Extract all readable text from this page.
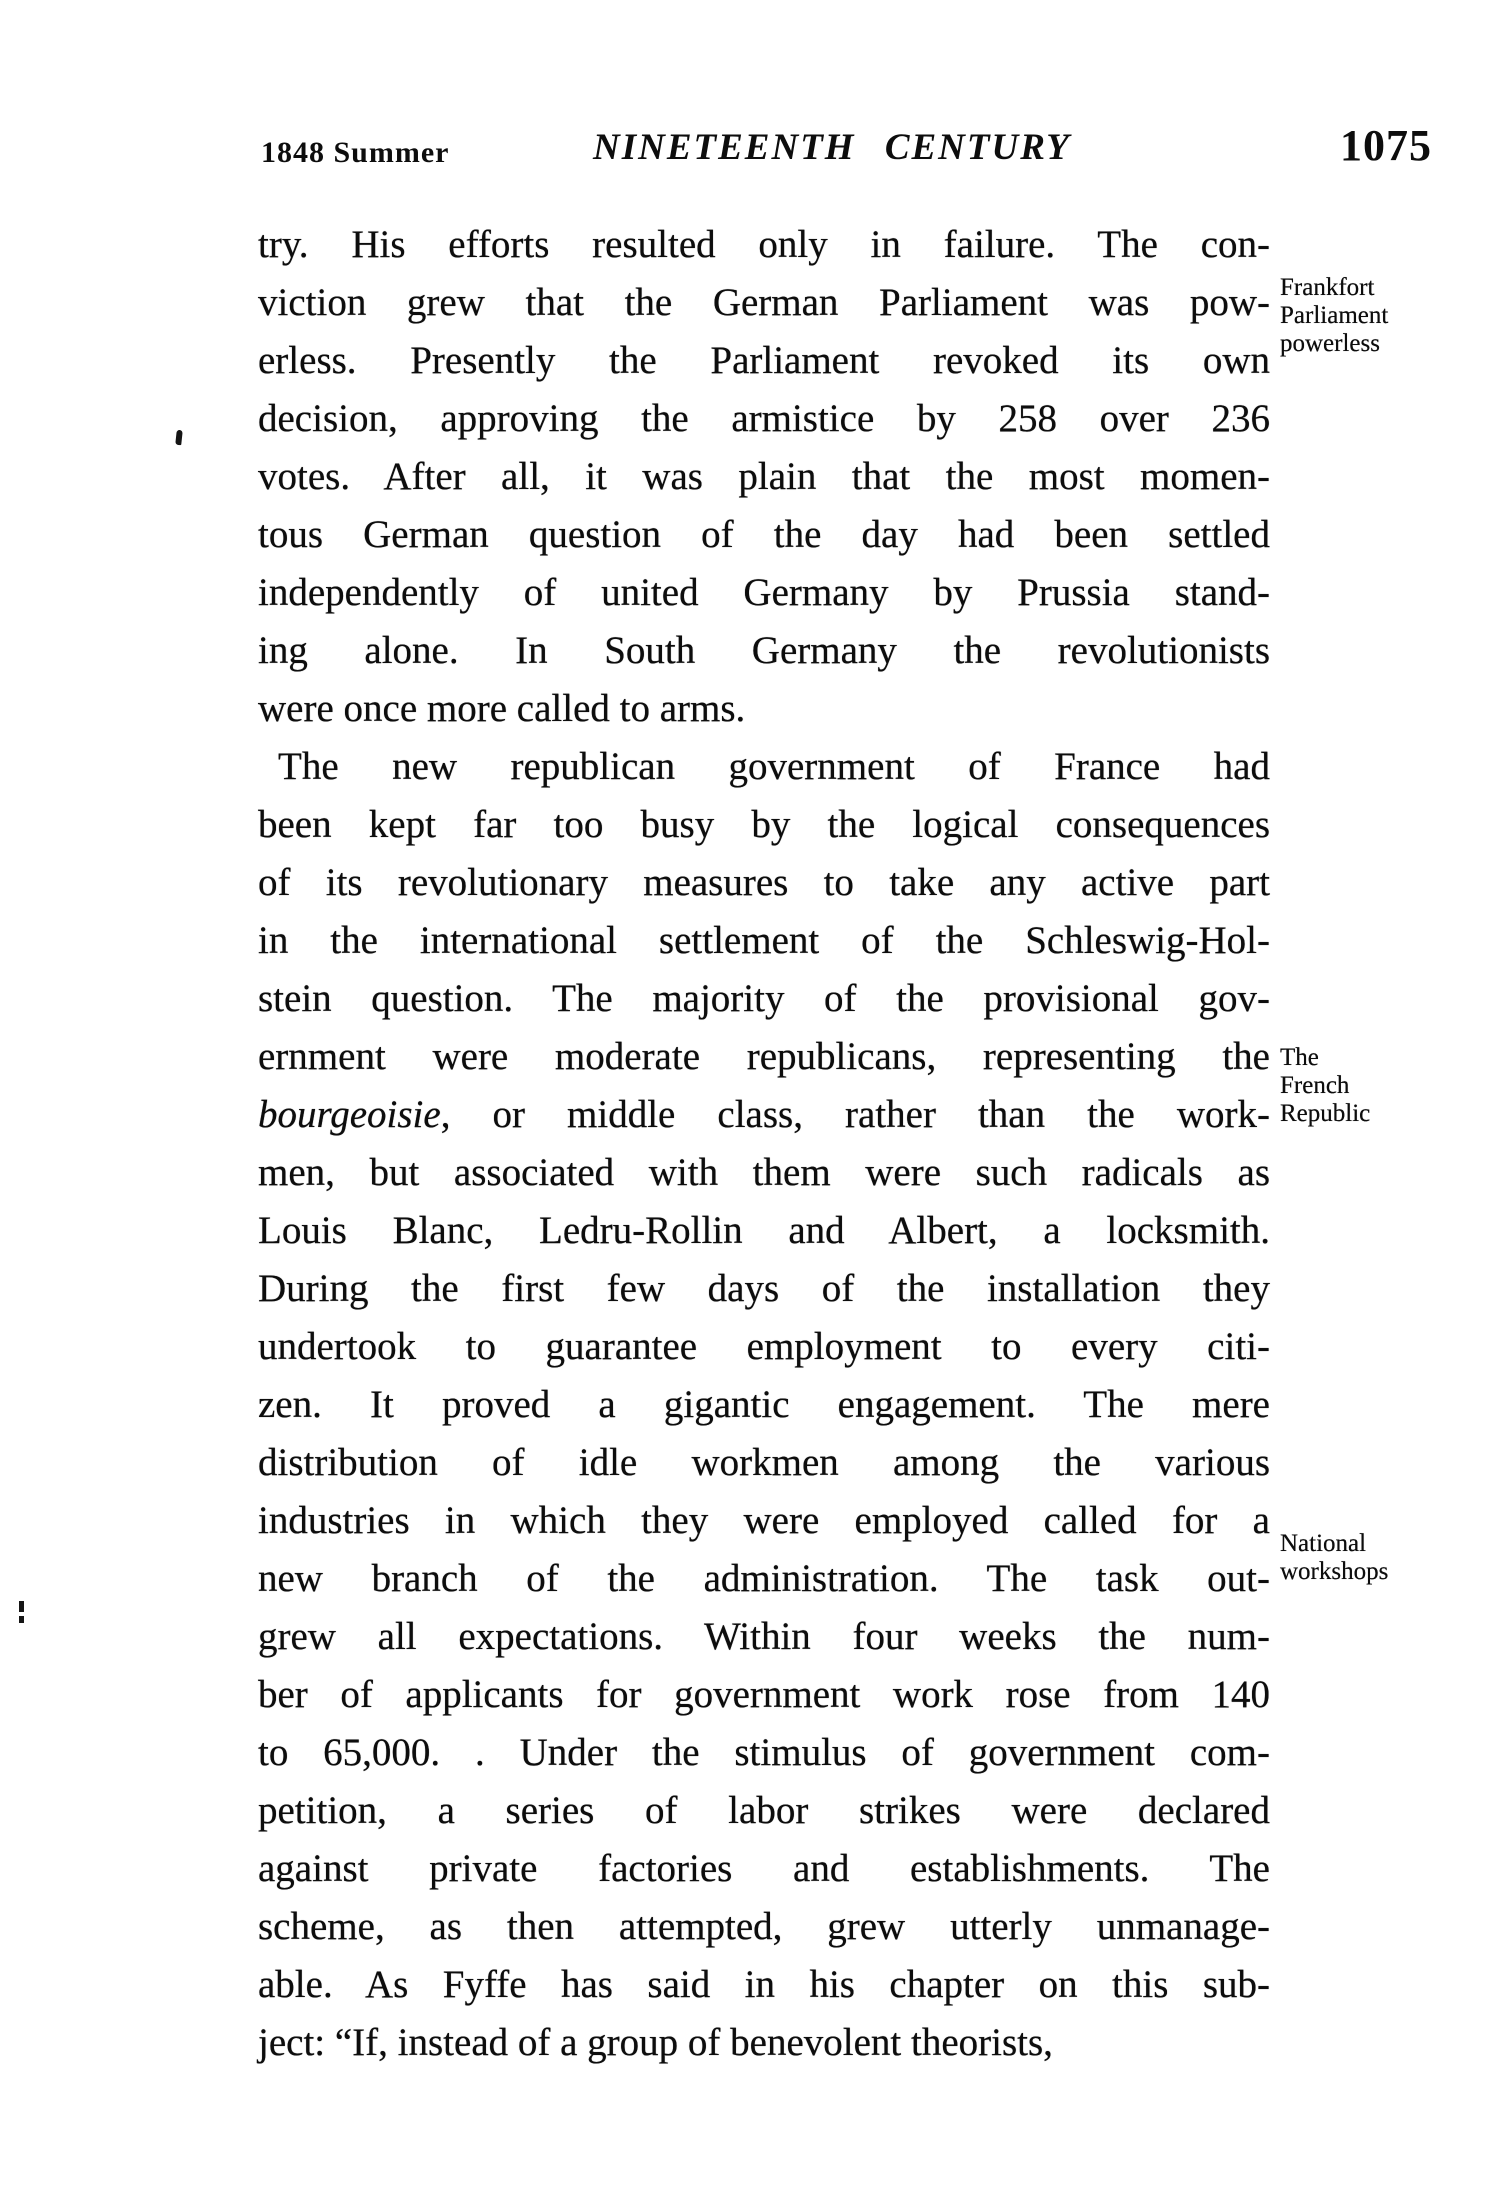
1848 Summer	NINETEENTH CENTURY	1075
try. His efforts resulted only in failure. The con-
viction grew that the German Parliament was pow-
erless. Presently the Parliament revoked its own
decision, approving the armistice by 258 over 236
votes. After all, it was plain that the most momen-
tous German question of the day had been settled
independently of united Germany by Prussia stand-
ing alone. In South Germany the revolutionists
were once more called to arms.
The new republican government of France had
been kept far too busy by the logical consequences
of its revolutionary measures to take any active part
in the international settlement of the Schleswig-Hol-
stein question. The majority of the provisional gov-
ernment were moderate republicans, representing the
bourgeoisie, or middle class, rather than the work-
men, but associated with them were such radicals as
Louis Blanc, Ledru-Rollin and Albert, a locksmith.
During the first few days of the installation they
undertook to guarantee employment to every citi-
zen. It proved a gigantic engagement. The mere
distribution of idle workmen among the various
industries in which they were employed called for a
new branch of the administration. The task out-
grew all expectations. Within four weeks the num-
ber of applicants for government work rose from 140
to 65,000. . Under the stimulus of government com-
petition, a series of labor strikes were declared
against private factories and establishments. The
scheme, as then attempted, grew utterly unmanage-
able. As Fyffe has said in his chapter on this sub-
ject: “If, instead of a group of benevolent theorists,
Frankfort
Parliament
powerless
The
French
Republic
National
workshops
